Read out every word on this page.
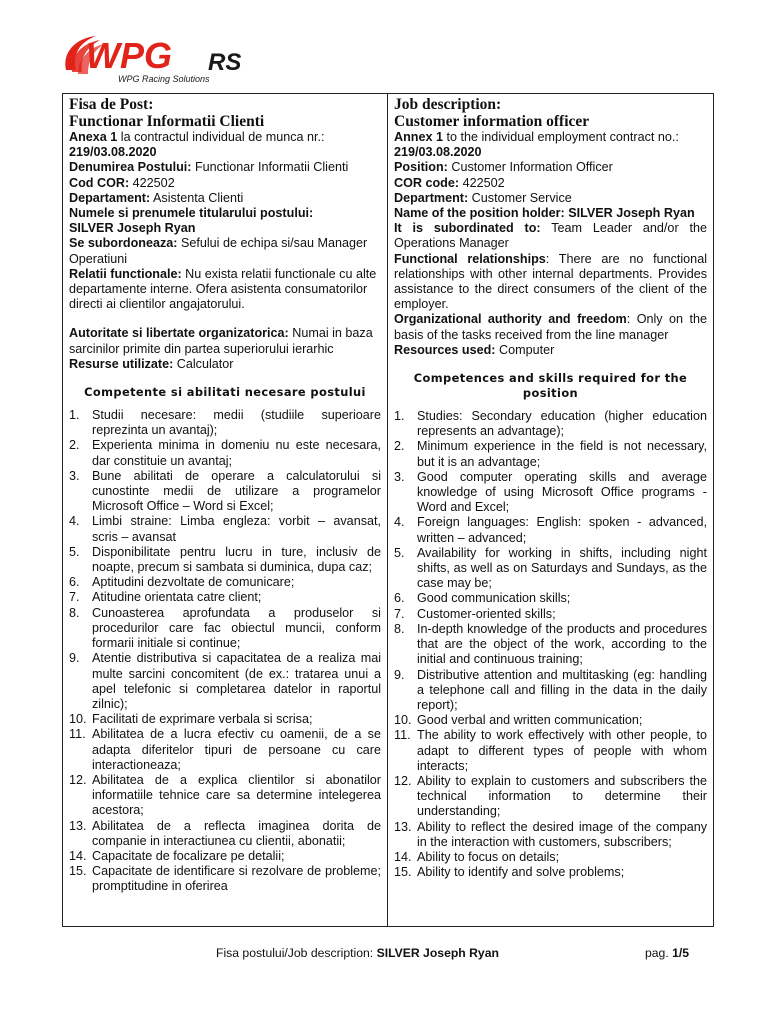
WPG RS
WPG Racing Solutions
Fisa de Post:
Functionar Informatii Clienti

Anexa 1 la contractul individual de munca nr.:

219/03.08.2020

Denumirea Postului: Functionar Informatii Clienti

Cod COR: 422502

Departament: Asistenta Clienti

Numele si prenumele titularului postului:
SILVER Joseph Ryan

Se subordoneaza: Sefului de echipa si/sau Manager Operatiuni

Relatii functionale: Nu exista relatii functionale cu alte departamente interne. Ofera asistenta consumatorilor directi ai clientilor angajatorului.

Autoritate si libertate organizatorica: Numai in baza sarcinilor primite din partea superiorului ierarhic

Resurse utilizate: Calculator

Competente si abilitati necesare postului
1. Studii necesare: medii (studiile superioare reprezinta un avantaj);
2. Experienta minima in domeniu nu este necesara, dar constituie un avantaj;
3. Bune abilitati de operare a calculatorului si cunostinte medii de utilizare a programelor Microsoft Office – Word si Excel;
4. Limbi straine: Limba engleza: vorbit – avansat, scris – avansat
5. Disponibilitate pentru lucru in ture, inclusiv de noapte, precum si sambata si duminica, dupa caz;
6. Aptitudini dezvoltate de comunicare;
7. Atitudine orientata catre client;
8. Cunoasterea aprofundata a produselor si procedurilor care fac obiectul muncii, conform formarii initiale si continue;
9. Atentie distributiva si capacitatea de a realiza mai multe sarcini concomitent (de ex.: tratarea unui a apel telefonic si completarea datelor in raportul zilnic);
10. Facilitati de exprimare verbala si scrisa;
11. Abilitatea de a lucra efectiv cu oamenii, de a se adapta diferitelor tipuri de persoane cu care interactioneaza;
12. Abilitatea de a explica clientilor si abonatilor informatiile tehnice care sa determine intelegerea acestora;
13. Abilitatea de a reflecta imaginea dorita de companie in interactiunea cu clientii, abonatii;
14. Capacitate de focalizare pe detalii;
15. Capacitate de identificare si rezolvare de probleme; promptitudine in oferirea
Job description:
Customer information officer

Annex 1 to the individual employment contract no.:

219/03.08.2020

Position: Customer Information Officer

COR code: 422502

Department: Customer Service

Name of the position holder: SILVER Joseph Ryan

It is subordinated to: Team Leader and/or the Operations Manager

Functional relationships: There are no functional relationships with other internal departments. Provides assistance to the direct consumers of the client of the employer.

Organizational authority and freedom: Only on the basis of the tasks received from the line manager

Resources used: Computer

Competences and skills required for the position
1. Studies: Secondary education (higher education represents an advantage);
2. Minimum experience in the field is not necessary, but it is an advantage;
3. Good computer operating skills and average knowledge of using Microsoft Office programs - Word and Excel;
4. Foreign languages: English: spoken - advanced, written – advanced;
5. Availability for working in shifts, including night shifts, as well as on Saturdays and Sundays, as the case may be;
6. Good communication skills;
7. Customer-oriented skills;
8. In-depth knowledge of the products and procedures that are the object of the work, according to the initial and continuous training;
9. Distributive attention and multitasking (eg: handling a telephone call and filling in the data in the daily report);
10. Good verbal and written communication;
11. The ability to work effectively with other people, to adapt to different types of people with whom interacts;
12. Ability to explain to customers and subscribers the technical information to determine their understanding;
13. Ability to reflect the desired image of the company in the interaction with customers, subscribers;
14. Ability to focus on details;
15. Ability to identify and solve problems;
Fisa postului/Job description: SILVER Joseph Ryan	pag. 1/5
